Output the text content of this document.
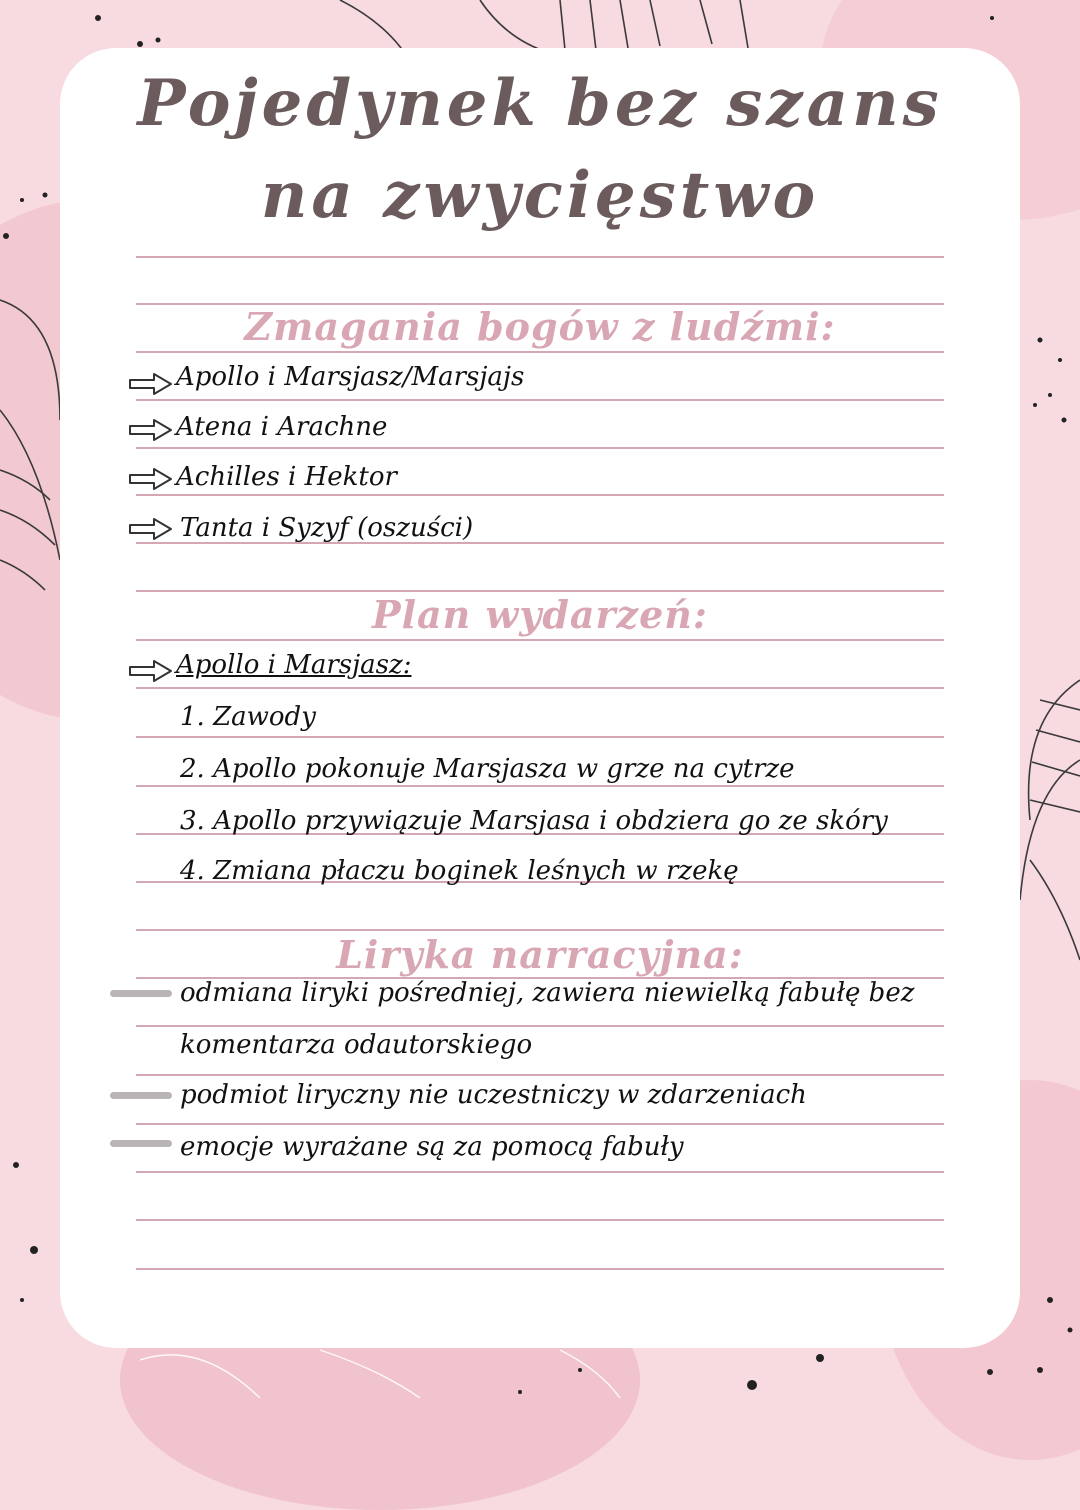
Pojedynek bez szans
na zwycięstwo
Zmagania bogów z ludźmi:

Apollo i Marsjasz/Marsjajs

Atena i Arachne

Achilles i Hektor

Tanta i Syzyf (oszuści)

Plan wydarzeń:

Apollo i Marsjasz:

1. Zawody

2. Apollo pokonuje Marsjasza w grze na cytrze

3. Apollo przywiązuje Marsjasa i obdziera go ze skóry

4. Zmiana płaczu boginek leśnych w rzekę

Liryka narracyjna:

odmiana liryki pośredniej, zawiera niewielką fabułę bez

komentarza odautorskiego

podmiot liryczny nie uczestniczy w zdarzeniach

emocje wyrażane są za pomocą fabuły
